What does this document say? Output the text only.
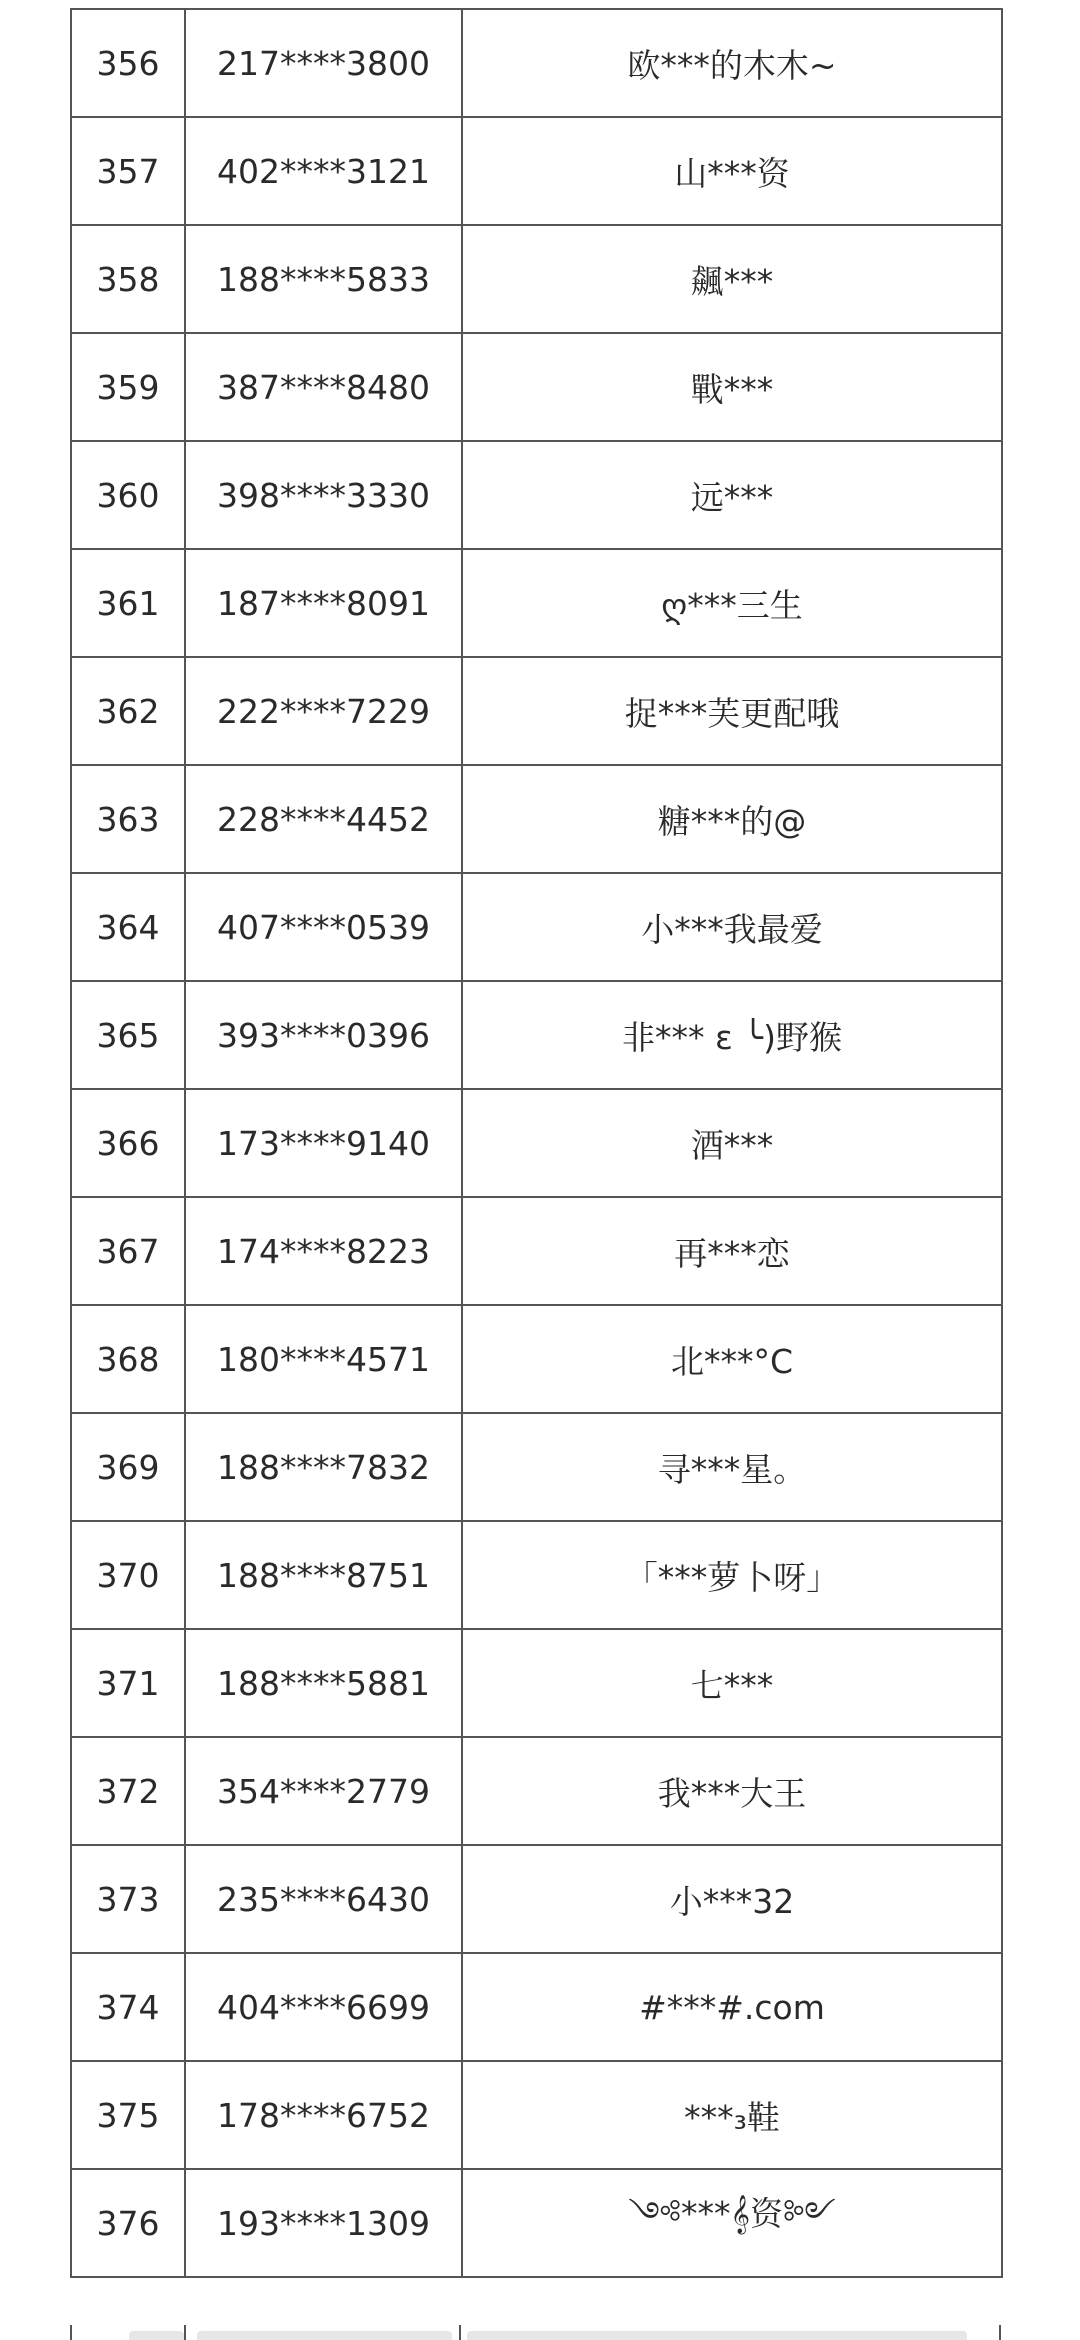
356	217****3800	欧***的木木~
357	402****3121	山***资
358	188****5833	飆***
359	387****8480	戰***
360	398****3330	远***
361	187****8091	ღ***三生
362	222****7229	捉***芙更配哦
363	228****4452	糖***的@
364	407****0539	小***我最爱
365	393****0396	非*** ε ╰)野猴
366	173****9140	酒***
367	174****8223	再***恋
368	180****4571	北***°C
369	188****7832	寻***星。
370	188****8751	「***萝卜呀」
371	188****5881	七***
372	354****2779	我***大王
373	235****6430	小***32
374	404****6699	#***#.com
375	178****6752	***₃鞋
376	193****1309	༺***𝄞资༻
